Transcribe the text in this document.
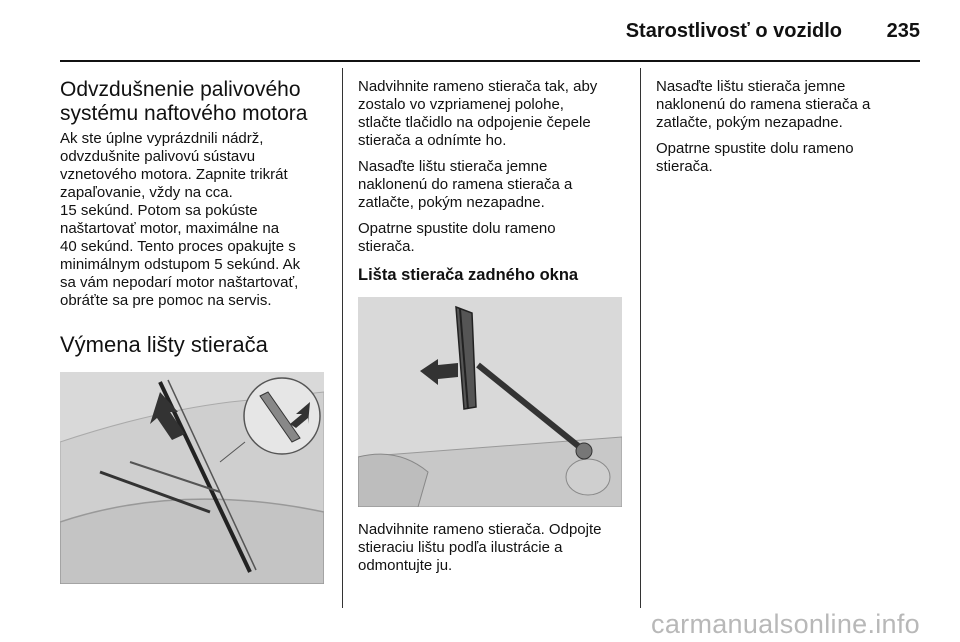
Starostlivosť o vozidlo 235
Odvzdušnenie palivového
systému naftového motora

Ak ste úplne vyprázdnili nádrž,
odvzdušnite palivovú sústavu
vznetového motora. Zapnite trikrát
zapaľovanie, vždy na cca.
15 sekúnd. Potom sa pokúste
naštartovať motor, maximálne na
40 sekúnd. Tento proces opakujte s
minimálnym odstupom 5 sekúnd. Ak
sa vám nepodarí motor naštartovať,
obráťte sa pre pomoc na servis.

Výmena lišty stierača

Nadvihnite rameno stierača tak, aby
zostalo vo vzpriamenej polohe,
stlačte tlačidlo na odpojenie čepele
stierača a odnímte ho.

Nasaďte lištu stierača jemne
naklonenú do ramena stierača a
zatlačte, pokým nezapadne.

Opatrne spustite dolu rameno
stierača.

Lišta stierača zadného okna

Nadvihnite rameno stierača. Odpojte
stieraciu lištu podľa ilustrácie a
odmontujte ju.

Nasaďte lištu stierača jemne
naklonenú do ramena stierača a
zatlačte, pokým nezapadne.

Opatrne spustite dolu rameno
stierača.

carmanualsonline.info
